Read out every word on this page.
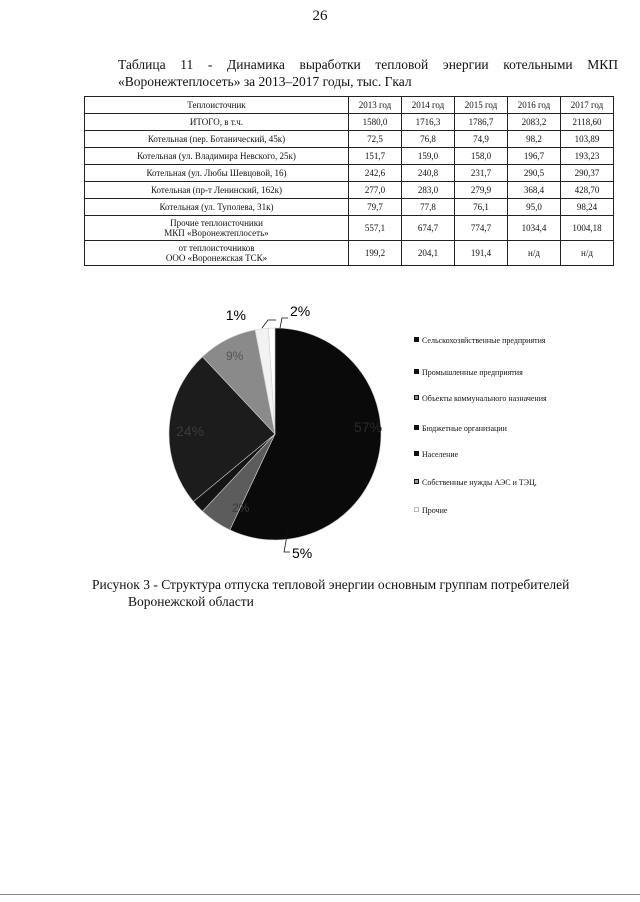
26
Таблица 11 - Динамика выработки тепловой энергии котельными МКП «Воронежтеплосеть» за 2013–2017 годы, тыс. Гкал
Теплоисточник	2013 год	2014 год	2015 год	2016 год	2017 год
ИТОГО, в т.ч.	1580,0	1716,3	1786,7	2083,2	2118,60
Котельная (пер. Ботанический, 45к)	72,5	76,8	74,9	98,2	103,89
Котельная (ул. Владимира Невского, 25к)	151,7	159,0	158,0	196,7	193,23
Котельная (ул. Любы Шевцовой, 16)	242,6	240,8	231,7	290,5	290,37
Котельная (пр-т Ленинский, 162к)	277,0	283,0	279,9	368,4	428,70
Котельная (ул. Туполева, 31к)	79,7	77,8	76,1	95,0	98,24

Прочие теплоисточники
МКП «Воронежтеплосеть»	557,1	674,7	774,7	1034,4	1004,18

от теплоисточников
ООО «Воронежская ТСК»	199,2	204,1	191,4	н/д	н/д
1%	2%
5%
24%	57%
2%
9%
Сельскохозяйственные предприятия
Промышленные предприятия
Объекты коммунального назначения
Бюджетные организации
Население
Собственные нужды АЭС и ТЭЦ,
Прочие
Рисунок 3 - Структура отпуска тепловой энергии основным группам потребителей
Воронежской области
